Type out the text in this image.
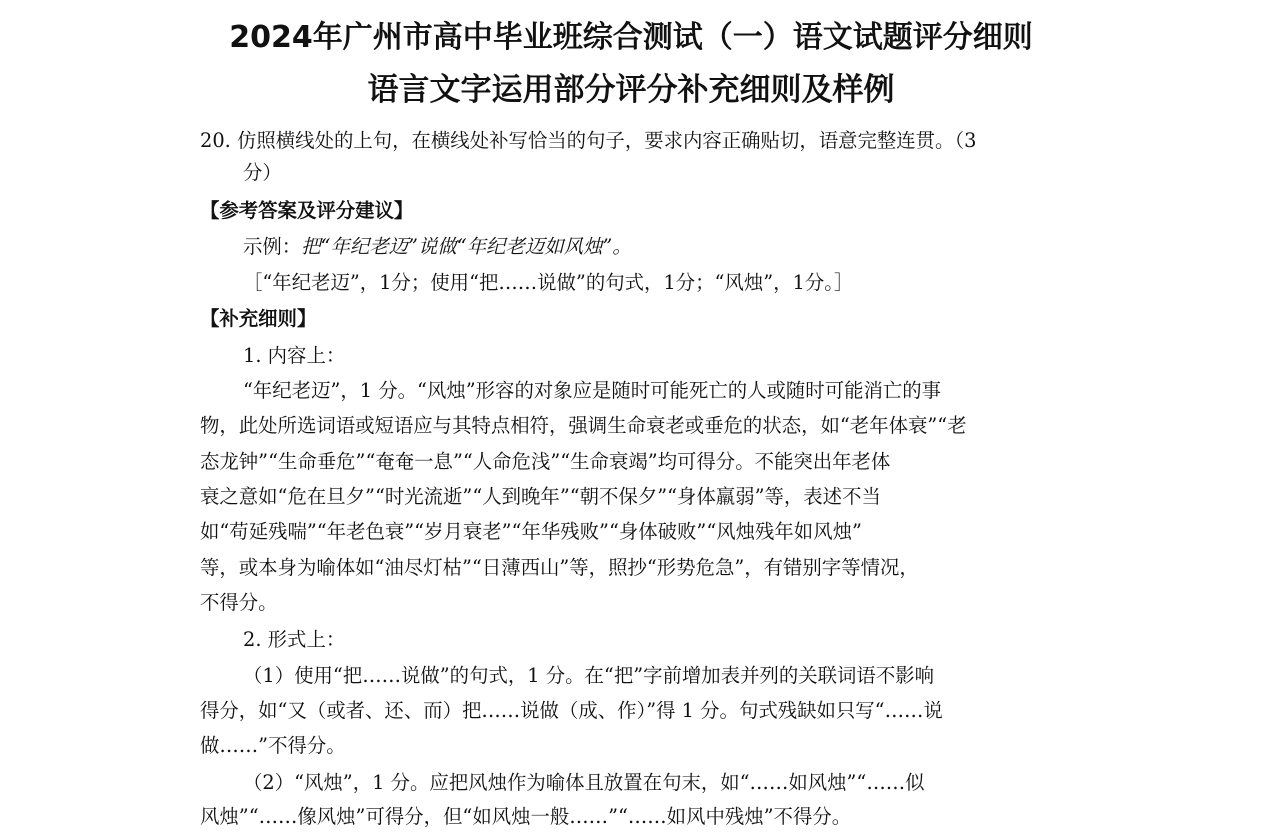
2024年广州市高中毕业班综合测试（一）语文试题评分细则
语言文字运用部分评分补充细则及样例
20. 仿照横线处的上句，在横线处补写恰当的句子，要求内容正确贴切，语意完整连贯。（3
分）
【参考答案及评分建议】
示例：把“年纪老迈”说做“年纪老迈如风烛”。
［“年纪老迈”，1分；使用“把……说做”的句式，1分；“风烛”，1分。］
【补充细则】
1. 内容上：
“年纪老迈”，1 分。“风烛”形容的对象应是随时可能死亡的人或随时可能消亡的事
物，此处所选词语或短语应与其特点相符，强调生命衰老或垂危的状态，如“老年体衰”“老
态龙钟”“生命垂危”“奄奄一息”“人命危浅”“生命衰竭”均可得分。不能突出年老体
衰之意如“危在旦夕”“时光流逝”“人到晚年”“朝不保夕”“身体羸弱”等，表述不当
如“苟延残喘”“年老色衰”“岁月衰老”“年华残败”“身体破败”“风烛残年如风烛”
等，或本身为喻体如“油尽灯枯”“日薄西山”等，照抄“形势危急”，有错别字等情况，
不得分。
2. 形式上：
（1）使用“把……说做”的句式，1 分。在“把”字前增加表并列的关联词语不影响
得分，如“又（或者、还、而）把……说做（成、作）”得 1 分。句式残缺如只写“……说
做……”不得分。
（2）“风烛”，1 分。应把风烛作为喻体且放置在句末，如“……如风烛”“……似
风烛”“……像风烛”可得分，但“如风烛一般……”“……如风中残烛”不得分。
